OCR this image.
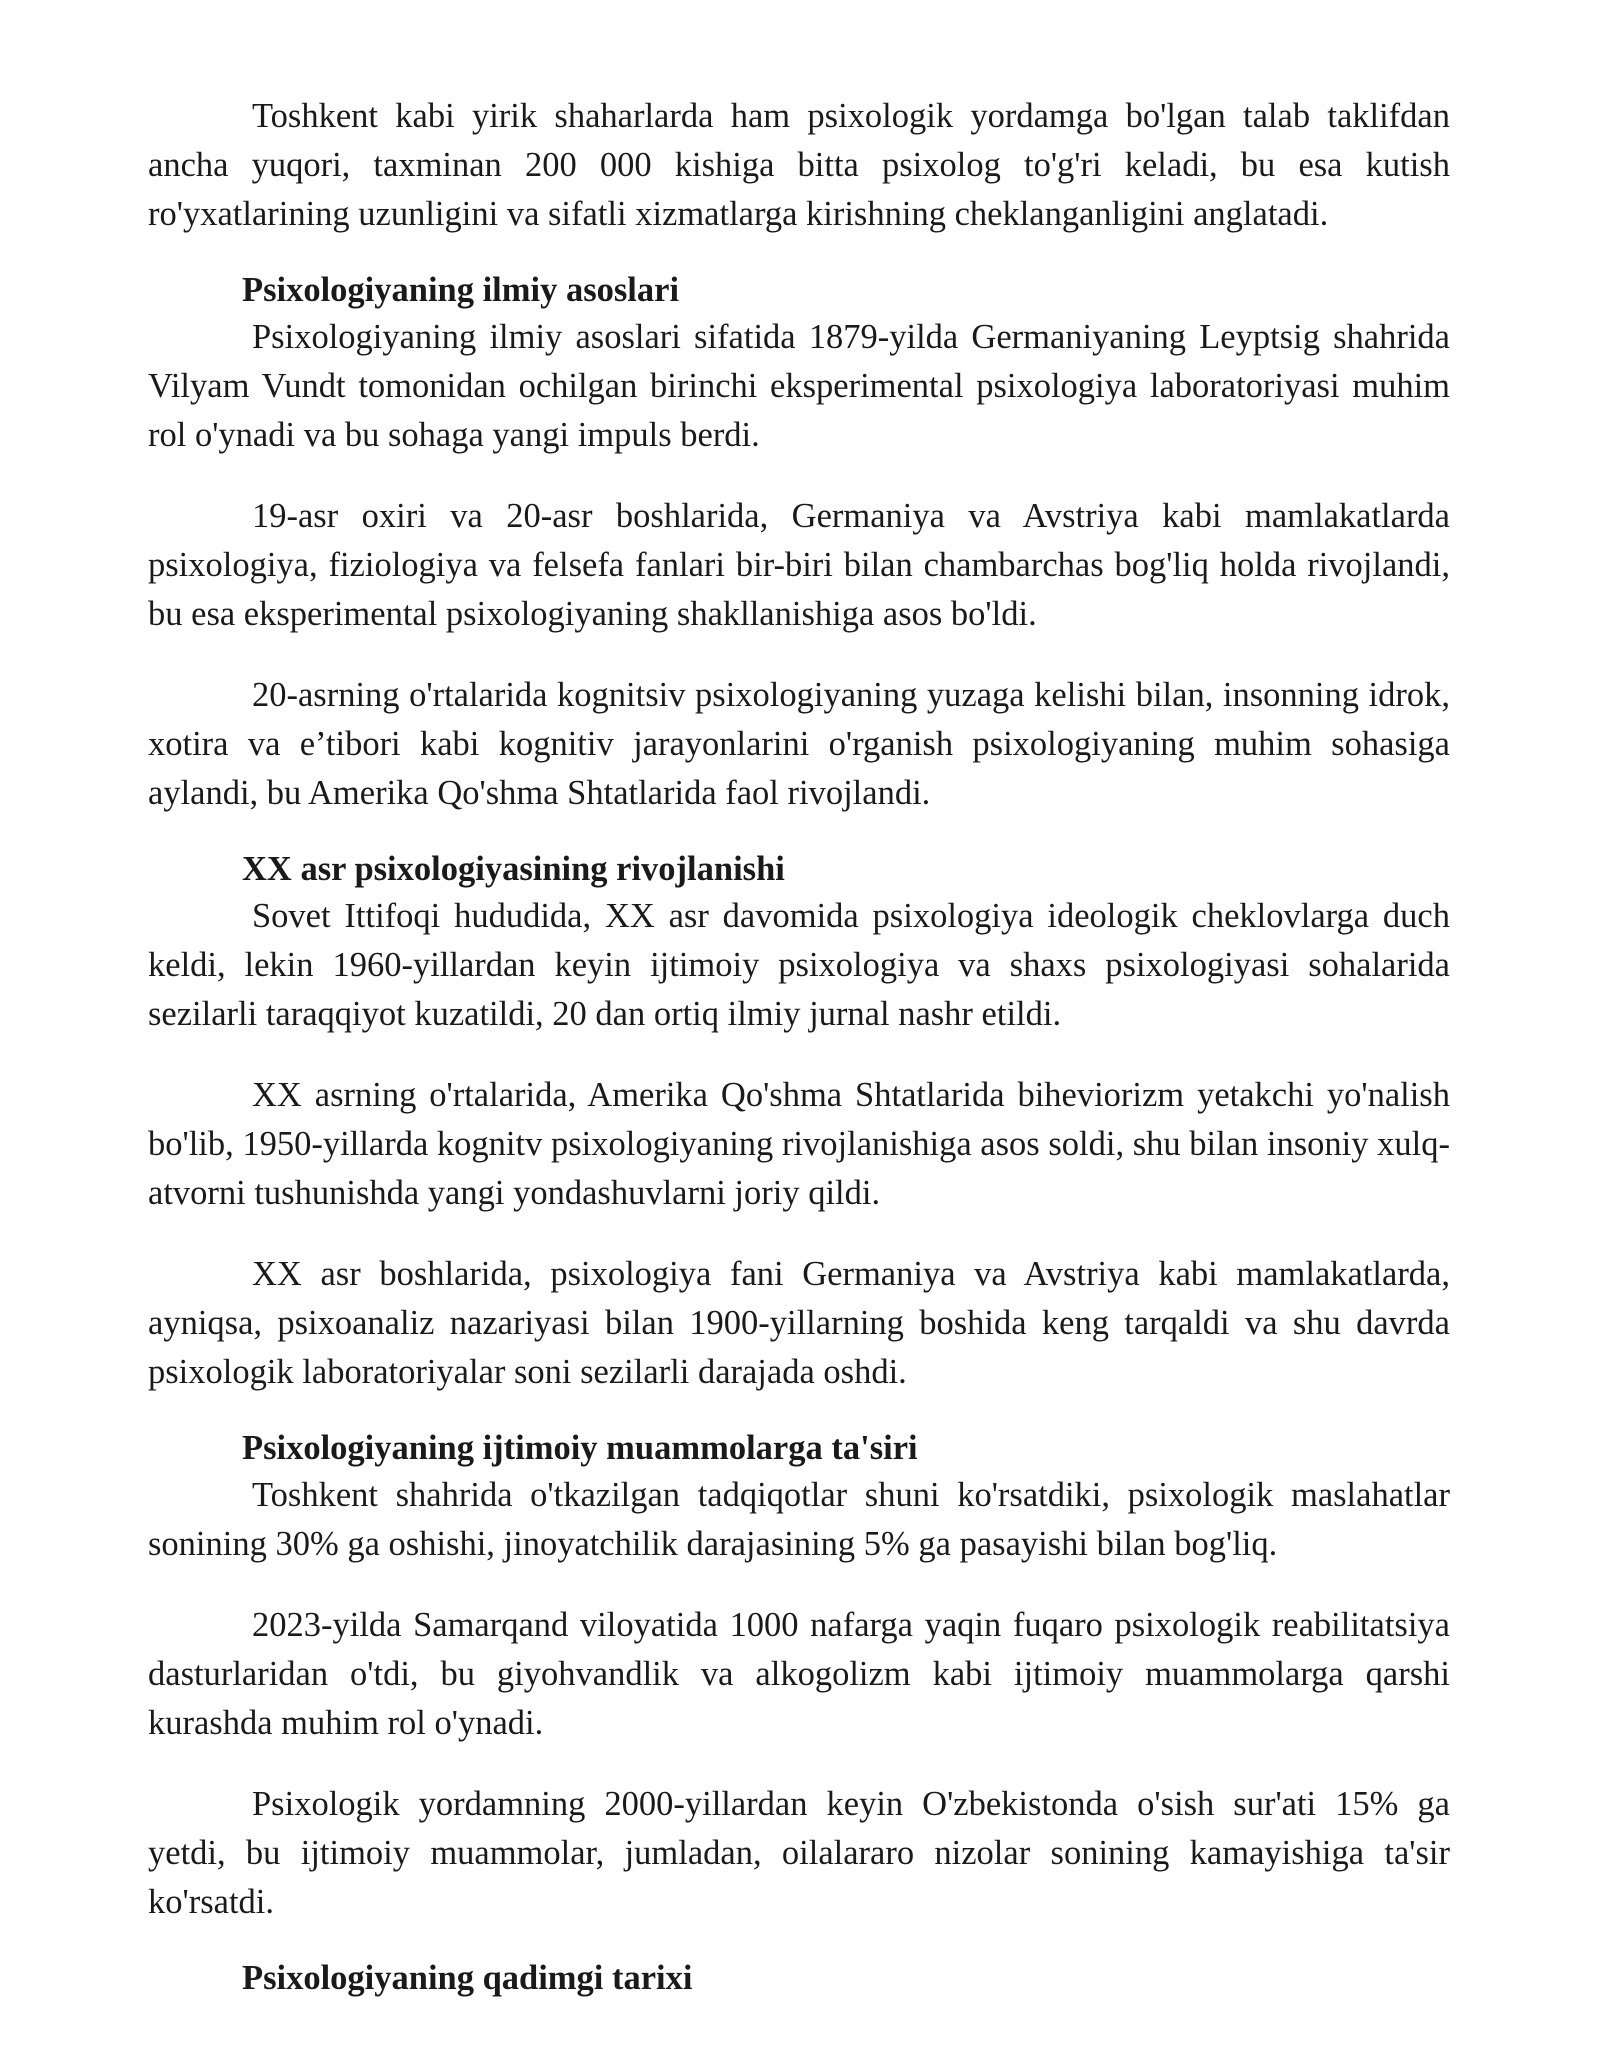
Toshkent kabi yirik shaharlarda ham psixologik yordamga bo'lgan talab taklifdan ancha yuqori, taxminan 200 000 kishiga bitta psixolog to'g'ri keladi, bu esa kutish ro'yxatlarining uzunligini va sifatli xizmatlarga kirishning cheklanganligini anglatadi.

Psixologiyaning ilmiy asoslari

Psixologiyaning ilmiy asoslari sifatida 1879-yilda Germaniyaning Leyptsig shahrida Vilyam Vundt tomonidan ochilgan birinchi eksperimental psixologiya laboratoriyasi muhim rol o'ynadi va bu sohaga yangi impuls berdi.

19-asr oxiri va 20-asr boshlarida, Germaniya va Avstriya kabi mamlakatlarda psixologiya, fiziologiya va felsefa fanlari bir-biri bilan chambarchas bog'liq holda rivojlandi, bu esa eksperimental psixologiyaning shakllanishiga asos bo'ldi.

20-asrning o'rtalarida kognitsiv psixologiyaning yuzaga kelishi bilan, insonning idrok, xotira va e’tibori kabi kognitiv jarayonlarini o'rganish psixologiyaning muhim sohasiga aylandi, bu Amerika Qo'shma Shtatlarida faol rivojlandi.

XX asr psixologiyasining rivojlanishi

Sovet Ittifoqi hududida, XX asr davomida psixologiya ideologik cheklovlarga duch keldi, lekin 1960-yillardan keyin ijtimoiy psixologiya va shaxs psixologiyasi sohalarida sezilarli taraqqiyot kuzatildi, 20 dan ortiq ilmiy jurnal nashr etildi.

XX asrning o'rtalarida, Amerika Qo'shma Shtatlarida biheviorizm yetakchi yo'nalish bo'lib, 1950-yillarda kognitv psixologiyaning rivojlanishiga asos soldi, shu bilan insoniy xulq-atvorni tushunishda yangi yondashuvlarni joriy qildi.

XX asr boshlarida, psixologiya fani Germaniya va Avstriya kabi mamlakatlarda, ayniqsa, psixoanaliz nazariyasi bilan 1900-yillarning boshida keng tarqaldi va shu davrda psixologik laboratoriyalar soni sezilarli darajada oshdi.

Psixologiyaning ijtimoiy muammolarga ta'siri

Toshkent shahrida o'tkazilgan tadqiqotlar shuni ko'rsatdiki, psixologik maslahatlar sonining 30% ga oshishi, jinoyatchilik darajasining 5% ga pasayishi bilan bog'liq.

2023-yilda Samarqand viloyatida 1000 nafarga yaqin fuqaro psixologik reabilitatsiya dasturlaridan o'tdi, bu giyohvandlik va alkogolizm kabi ijtimoiy muammolarga qarshi kurashda muhim rol o'ynadi.

Psixologik yordamning 2000-yillardan keyin O'zbekistonda o'sish sur'ati 15% ga yetdi, bu ijtimoiy muammolar, jumladan, oilalararo nizolar sonining kamayishiga ta'sir ko'rsatdi.

Psixologiyaning qadimgi tarixi
